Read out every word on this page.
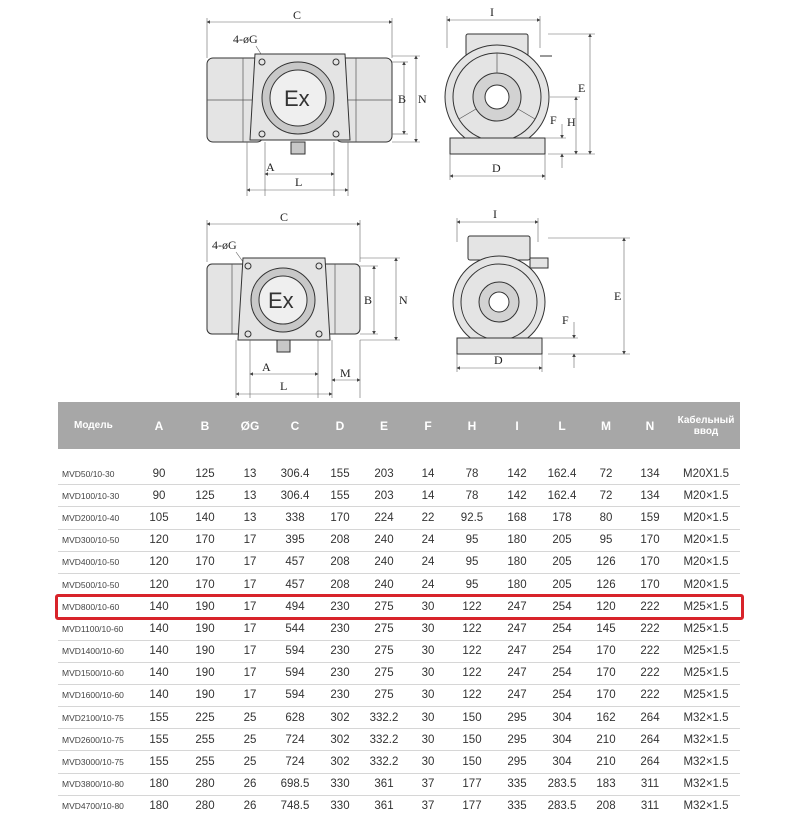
C
4-øG
Ex	B N
A
L
I
E
H
F
D
C
4-øG
Ex	B N
A
L
M
I
E
F
D
Модель	A	B	ØG	C	D	E	F	H	I	L	M	N	Кабельный ввод

MVD50/10-30	90	125	13	306.4	155	203	14	78	142	162.4	72	134	M20X1.5
MVD100/10-30	90	125	13	306.4	155	203	14	78	142	162.4	72	134	M20×1.5
MVD200/10-40	105	140	13	338	170	224	22	92.5	168	178	80	159	M20×1.5
MVD300/10-50	120	170	17	395	208	240	24	95	180	205	95	170	M20×1.5
MVD400/10-50	120	170	17	457	208	240	24	95	180	205	126	170	M20×1.5
MVD500/10-50	120	170	17	457	208	240	24	95	180	205	126	170	M20×1.5
MVD800/10-60	140	190	17	494	230	275	30	122	247	254	120	222	M25×1.5
MVD1100/10-60	140	190	17	544	230	275	30	122	247	254	145	222	M25×1.5
MVD1400/10-60	140	190	17	594	230	275	30	122	247	254	170	222	M25×1.5
MVD1500/10-60	140	190	17	594	230	275	30	122	247	254	170	222	M25×1.5
MVD1600/10-60	140	190	17	594	230	275	30	122	247	254	170	222	M25×1.5
MVD2100/10-75	155	225	25	628	302	332.2	30	150	295	304	162	264	M32×1.5
MVD2600/10-75	155	255	25	724	302	332.2	30	150	295	304	210	264	M32×1.5
MVD3000/10-75	155	255	25	724	302	332.2	30	150	295	304	210	264	M32×1.5
MVD3800/10-80	180	280	26	698.5	330	361	37	177	335	283.5	183	311	M32×1.5
MVD4700/10-80	180	280	26	748.5	330	361	37	177	335	283.5	208	311	M32×1.5
